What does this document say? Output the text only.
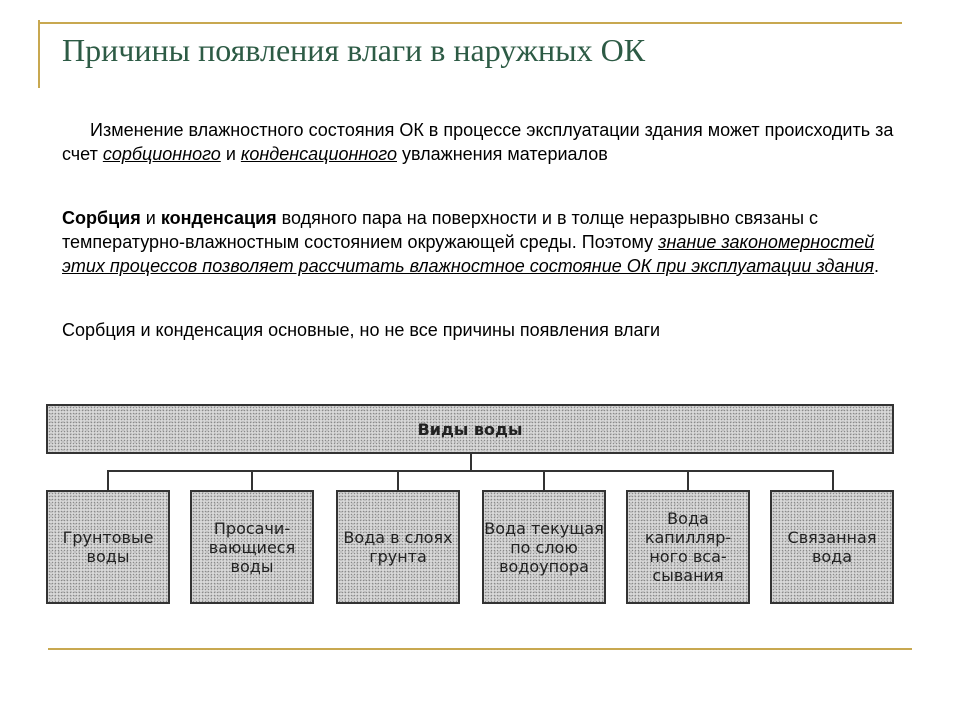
Причины появления влаги в наружных ОК

Изменение влажностного состояния ОК в процессе эксплуатации здания может происходить за счет сорбционного и конденсационного увлажнения материалов

Сорбция и конденсация водяного пара на поверхности и в толще неразрывно связаны с температурно-влажностным состоянием окружающей среды. Поэтому знание закономерностей этих процессов позволяет рассчитать влажностное состояние ОК при эксплуатации здания.

Сорбция и конденсация основные, но не все причины появления влаги

Виды воды
Грунтовые воды
Просачи-вающиеся воды
Вода в слоях грунта
Вода текущая по слою водоупора
Вода капилляр-ного вса-сывания
Связанная вода
